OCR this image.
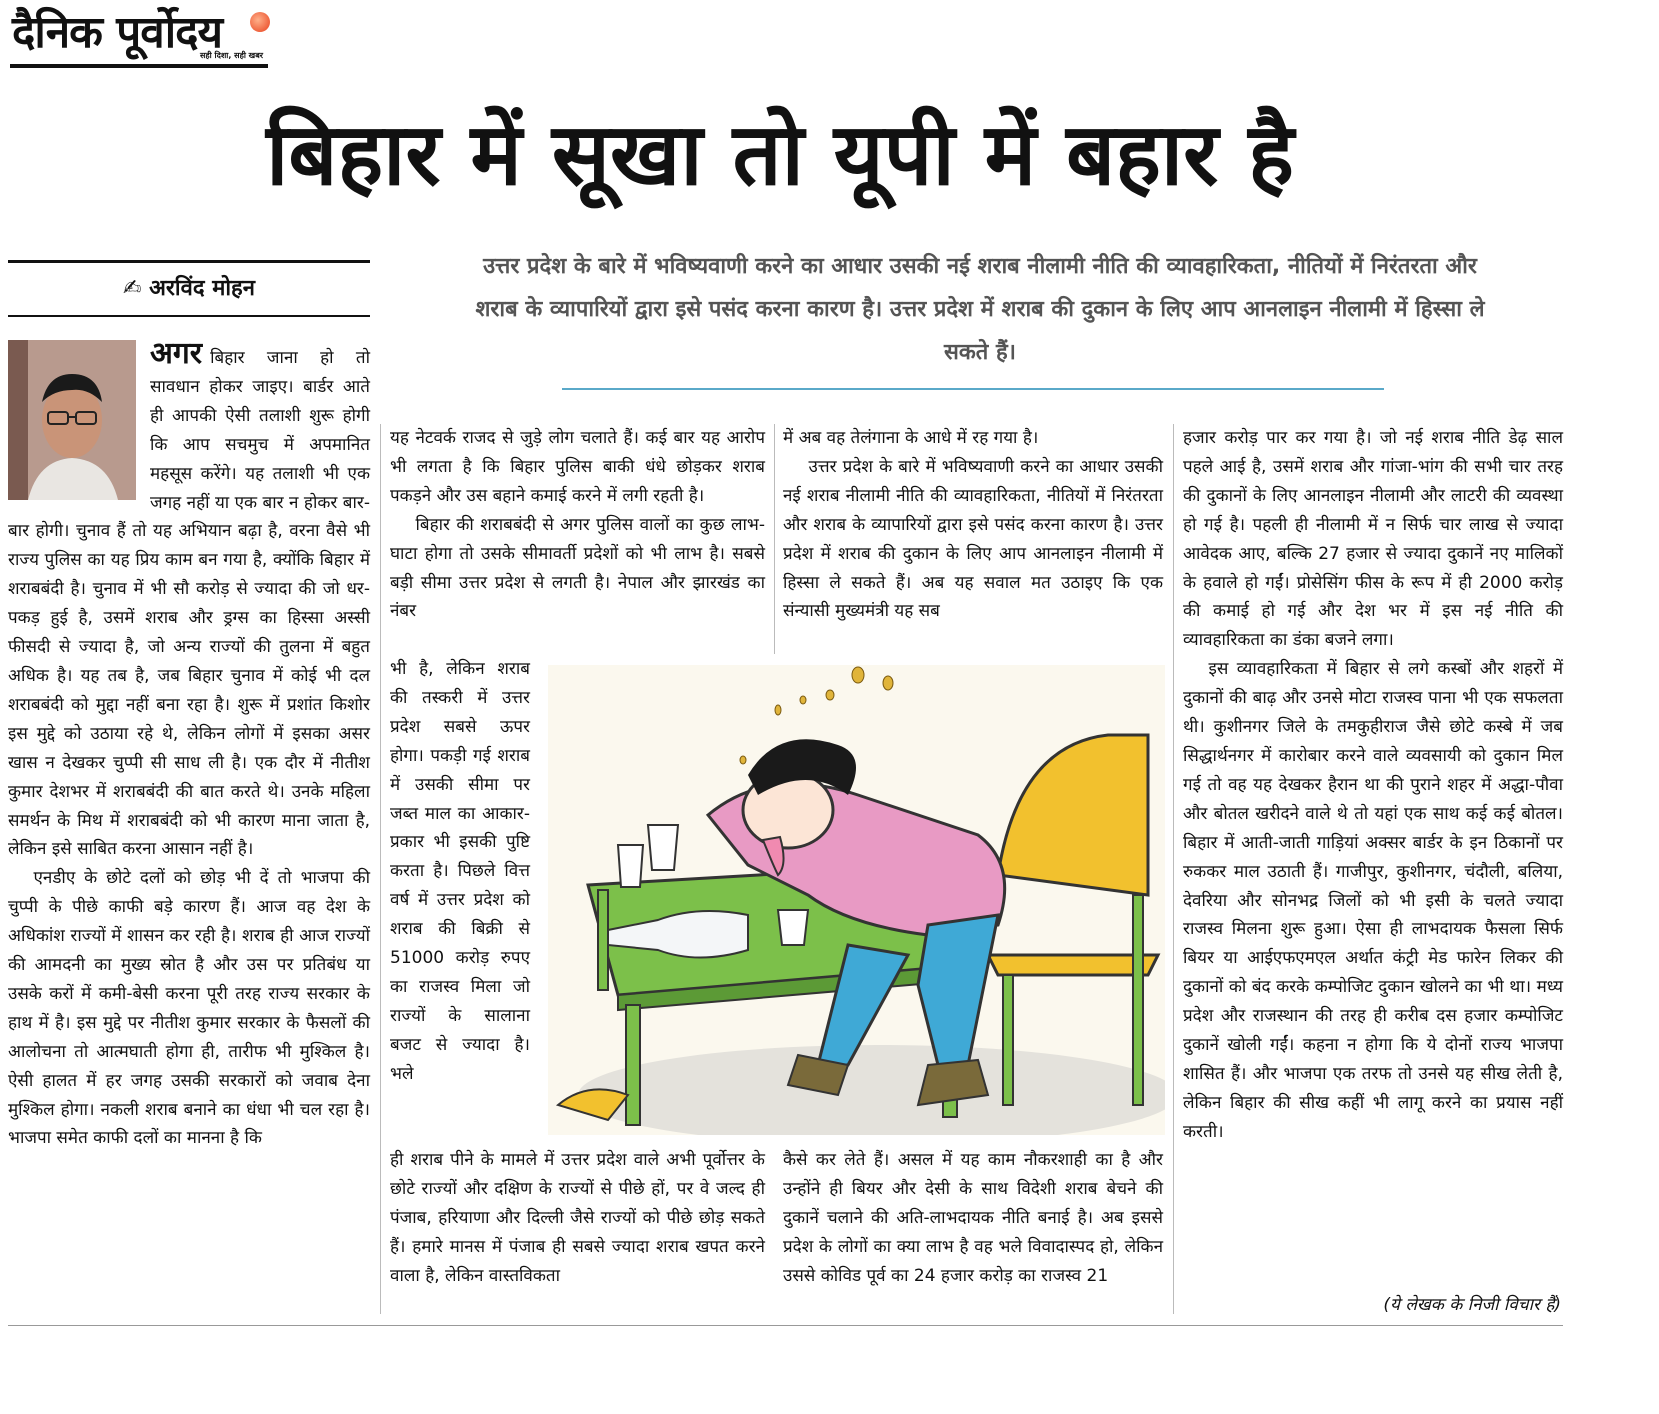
दैनिक पूर्वोदय
सही दिशा, सही खबर
बिहार में सूखा तो यूपी में बहार है
✍ अरविंद मोहन
उत्तर प्रदेश के बारे में भविष्यवाणी करने का आधार उसकी नई शराब नीलामी नीति की व्यावहारिकता, नीतियों में निरंतरता और शराब के व्यापारियों द्वारा इसे पसंद करना कारण है। उत्तर प्रदेश में शराब की दुकान के लिए आप आनलाइन नीलामी में हिस्सा ले सकते हैं।

अगर बिहार जाना हो तो सावधान होकर जाइए। बार्डर आते ही आपकी ऐसी तलाशी शुरू होगी कि आप सचमुच में अपमानित महसूस करेंगे। यह तलाशी भी एक जगह नहीं या एक बार न होकर बार-बार होगी। चुनाव हैं तो यह अभियान बढ़ा है, वरना वैसे भी राज्य पुलिस का यह प्रिय काम बन गया है, क्योंकि बिहार में शराबबंदी है। चुनाव में भी सौ करोड़ से ज्यादा की जो धर-पकड़ हुई है, उसमें शराब और ड्रग्स का हिस्सा अस्सी फीसदी से ज्यादा है, जो अन्य राज्यों की तुलना में बहुत अधिक है। यह तब है, जब बिहार चुनाव में कोई भी दल शराबबंदी को मुद्दा नहीं बना रहा है। शुरू में प्रशांत किशोर इस मुद्दे को उठाया रहे थे, लेकिन लोगों में इसका असर खास न देखकर चुप्पी सी साध ली है। एक दौर में नीतीश कुमार देशभर में शराबबंदी की बात करते थे। उनके महिला समर्थन के मिथ में शराबबंदी को भी कारण माना जाता है, लेकिन इसे साबित करना आसान नहीं है।

एनडीए के छोटे दलों को छोड़ भी दें तो भाजपा की चुप्पी के पीछे काफी बड़े कारण हैं। आज वह देश के अधिकांश राज्यों में शासन कर रही है। शराब ही आज राज्यों की आमदनी का मुख्य स्रोत है और उस पर प्रतिबंध या उसके करों में कमी-बेसी करना पूरी तरह राज्य सरकार के हाथ में है। इस मुद्दे पर नीतीश कुमार सरकार के फैसलों की आलोचना तो आत्मघाती होगा ही, तारीफ भी मुश्किल है। ऐसी हालत में हर जगह उसकी सरकारों को जवाब देना मुश्किल होगा। नकली शराब बनाने का धंधा भी चल रहा है। भाजपा समेत काफी दलों का मानना है कि

यह नेटवर्क राजद से जुड़े लोग चलाते हैं। कई बार यह आरोप भी लगता है कि बिहार पुलिस बाकी धंधे छोड़कर शराब पकड़ने और उस बहाने कमाई करने में लगी रहती है।

बिहार की शराबबंदी से अगर पुलिस वालों का कुछ लाभ-घाटा होगा तो उसके सीमावर्ती प्रदेशों को भी लाभ है। सबसे बड़ी सीमा उत्तर प्रदेश से लगती है। नेपाल और झारखंड का नंबर

भी है, लेकिन शराब की तस्करी में उत्तर प्रदेश सबसे ऊपर होगा। पकड़ी गई शराब में उसकी सीमा पर जब्त माल का आकार-प्रकार भी इसकी पुष्टि करता है। पिछले वित्त वर्ष में उत्तर प्रदेश को शराब की बिक्री से 51000 करोड़ रुपए का राजस्व मिला जो राज्यों के सालाना बजट से ज्यादा है। भले

ही शराब पीने के मामले में उत्तर प्रदेश वाले अभी पूर्वोत्तर के छोटे राज्यों और दक्षिण के राज्यों से पीछे हों, पर वे जल्द ही पंजाब, हरियाणा और दिल्ली जैसे राज्यों को पीछे छोड़ सकते हैं। हमारे मानस में पंजाब ही सबसे ज्यादा शराब खपत करने वाला है, लेकिन वास्तविकता

में अब वह तेलंगाना के आधे में रह गया है।

उत्तर प्रदेश के बारे में भविष्यवाणी करने का आधार उसकी नई शराब नीलामी नीति की व्यावहारिकता, नीतियों में निरंतरता और शराब के व्यापारियों द्वारा इसे पसंद करना कारण है। उत्तर प्रदेश में शराब की दुकान के लिए आप आनलाइन नीलामी में हिस्सा ले सकते हैं। अब यह सवाल मत उठाइए कि एक संन्यासी मुख्यमंत्री यह सब

कैसे कर लेते हैं। असल में यह काम नौकरशाही का है और उन्होंने ही बियर और देसी के साथ विदेशी शराब बेचने की दुकानें चलाने की अति-लाभदायक नीति बनाई है। अब इससे प्रदेश के लोगों का क्या लाभ है वह भले विवादास्पद हो, लेकिन उससे कोविड पूर्व का 24 हजार करोड़ का राजस्व 21

हजार करोड़ पार कर गया है। जो नई शराब नीति डेढ़ साल पहले आई है, उसमें शराब और गांजा-भांग की सभी चार तरह की दुकानों के लिए आनलाइन नीलामी और लाटरी की व्यवस्था हो गई है। पहली ही नीलामी में न सिर्फ चार लाख से ज्यादा आवेदक आए, बल्कि 27 हजार से ज्यादा दुकानें नए मालिकों के हवाले हो गईं। प्रोसेसिंग फीस के रूप में ही 2000 करोड़ की कमाई हो गई और देश भर में इस नई नीति की व्यावहारिकता का डंका बजने लगा।

इस व्यावहारिकता में बिहार से लगे कस्बों और शहरों में दुकानों की बाढ़ और उनसे मोटा राजस्व पाना भी एक सफलता थी। कुशीनगर जिले के तमकुहीराज जैसे छोटे कस्बे में जब सिद्धार्थनगर में कारोबार करने वाले व्यवसायी को दुकान मिल गई तो वह यह देखकर हैरान था की पुराने शहर में अद्धा-पौवा और बोतल खरीदने वाले थे तो यहां एक साथ कई कई बोतल। बिहार में आती-जाती गाड़ियां अक्सर बार्डर के इन ठिकानों पर रुककर माल उठाती हैं। गाजीपुर, कुशीनगर, चंदौली, बलिया, देवरिया और सोनभद्र जिलों को भी इसी के चलते ज्यादा राजस्व मिलना शुरू हुआ। ऐसा ही लाभदायक फैसला सिर्फ बियर या आईएफएमएल अर्थात कंट्री मेड फारेन लिकर की दुकानों को बंद करके कम्पोजिट दुकान खोलने का भी था। मध्य प्रदेश और राजस्थान की तरह ही करीब दस हजार कम्पोजिट दुकानें खोली गईं। कहना न होगा कि ये दोनों राज्य भाजपा शासित हैं। और भाजपा एक तरफ तो उनसे यह सीख लेती है, लेकिन बिहार की सीख कहीं भी लागू करने का प्रयास नहीं करती।

(ये लेखक के निजी विचार हैं)
